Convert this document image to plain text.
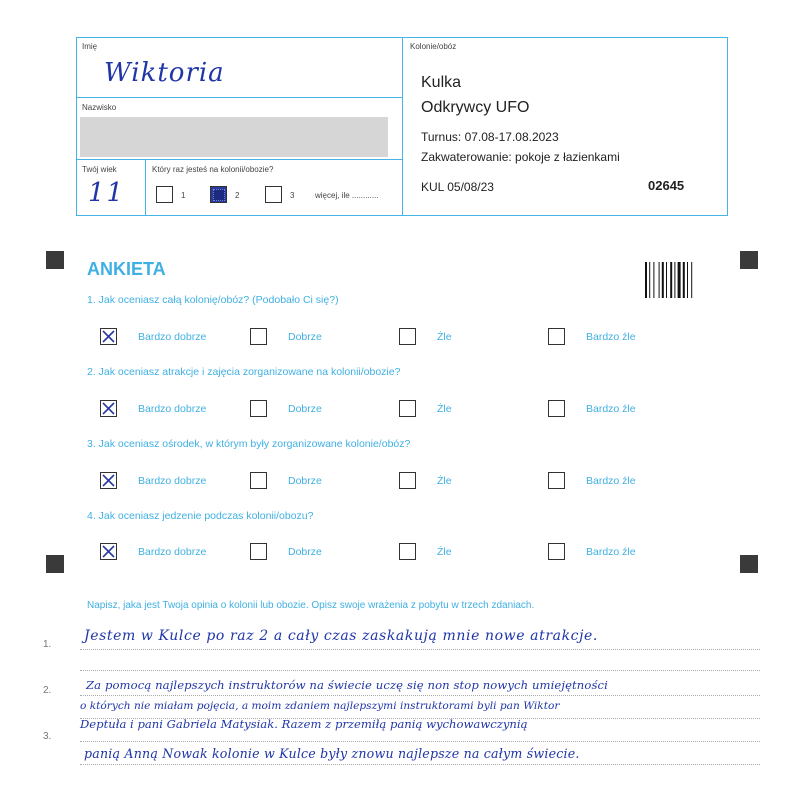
Imię
Wiktoria
Nazwisko
Twój wiek
11
Który raz jesteś na kolonii/obozie?
1	2	3	więcej, ile ............
Kolonie/obóz
Kulka
Odkrywcy UFO
Turnus: 07.08-17.08.2023
Zakwaterowanie: pokoje z łazienkami
KUL 05/08/23	02645
ANKIETA
1. Jak oceniasz całą kolonię/obóz? (Podobało Ci się?)
2. Jak oceniasz atrakcje i zajęcia zorganizowane na kolonii/obozie?
3. Jak oceniasz ośrodek, w którym były zorganizowane kolonie/obóz?
4. Jak oceniasz jedzenie podczas kolonii/obozu?
Bardzo dobrze	Dobrze	Źle	Bardzo źle
Bardzo dobrze	Dobrze	Źle	Bardzo źle
Bardzo dobrze	Dobrze	Źle	Bardzo źle
Bardzo dobrze	Dobrze	Źle	Bardzo źle
Napisz, jaka jest Twoja opinia o kolonii lub obozie. Opisz swoje wrażenia z pobytu w trzech zdaniach.
1.
2.
3.
Jestem w Kulce po raz 2 a cały czas zaskakują mnie nowe atrakcje.
Za pomocą najlepszych instruktorów na świecie uczę się non stop nowych umiejętności
o których nie miałam pojęcia, a moim zdaniem najlepszymi instruktorami byli pan Wiktor
Deptuła i pani Gabriela Matysiak. Razem z przemiłą panią wychowawczynią
panią Anną Nowak kolonie w Kulce były znowu najlepsze na całym świecie.
